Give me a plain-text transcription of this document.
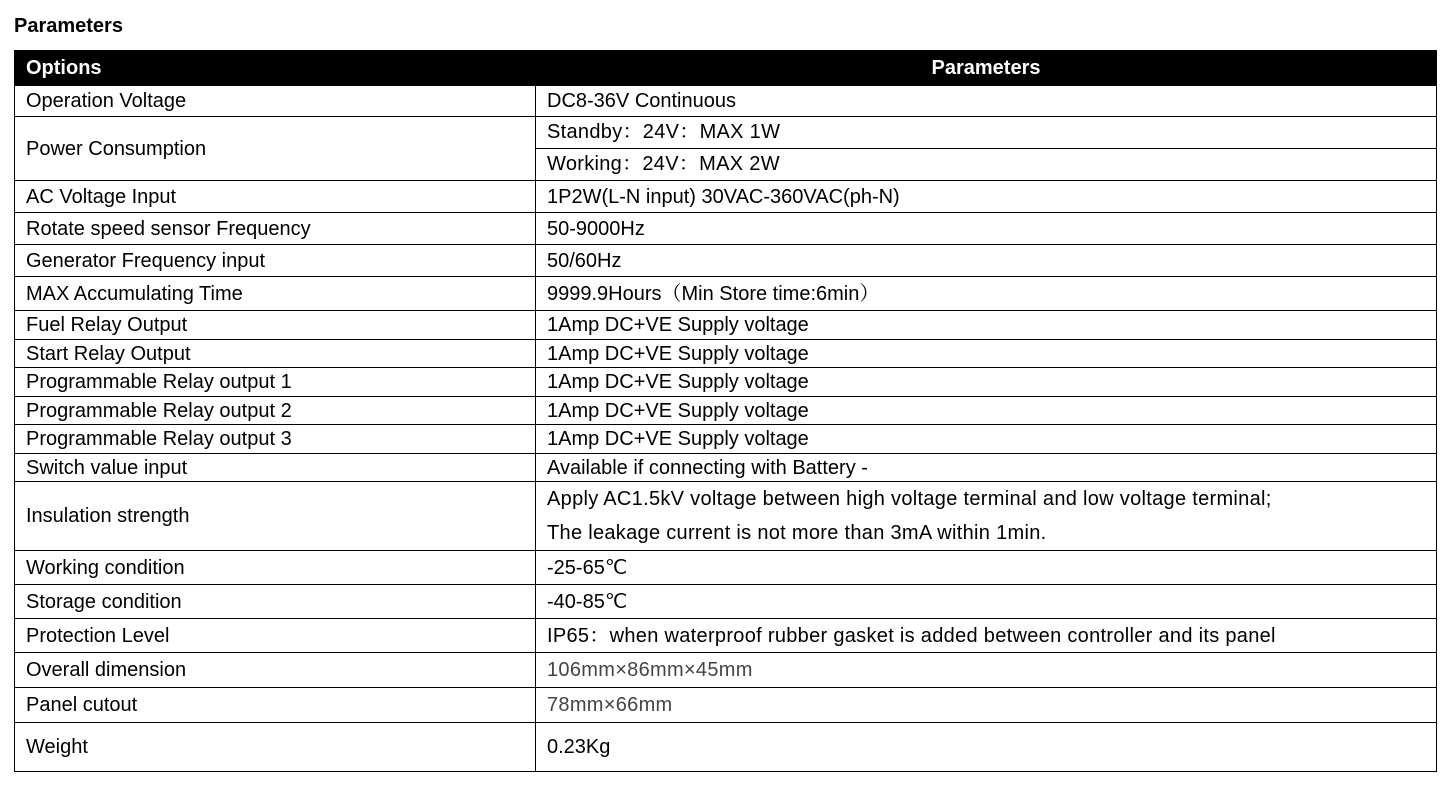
Parameters
Options	Parameters
Operation Voltage	DC8-36V Continuous
Power Consumption	Standby：24V：MAX 1W
Working：24V：MAX 2W

AC Voltage Input	1P2W(L-N input) 30VAC-360VAC(ph-N)
Rotate speed sensor Frequency	50-9000Hz
Generator Frequency input	50/60Hz
MAX Accumulating Time	9999.9Hours（Min Store time:6min）
Fuel Relay Output	1Amp DC+VE Supply voltage
Start Relay Output	1Amp DC+VE Supply voltage
Programmable Relay output 1	1Amp DC+VE Supply voltage
Programmable Relay output 2	1Amp DC+VE Supply voltage
Programmable Relay output 3	1Amp DC+VE Supply voltage
Switch value input	Available if connecting with Battery -
Insulation strength	Apply AC1.5kV voltage between high voltage terminal and low voltage terminal;
The leakage current is not more than 3mA within 1min.

Working condition	-25-65℃
Storage condition	-40-85℃
Protection Level	IP65：when waterproof rubber gasket is added between controller and its panel
Overall dimension	106mm×86mm×45mm
Panel cutout	78mm×66mm
Weight	0.23Kg
